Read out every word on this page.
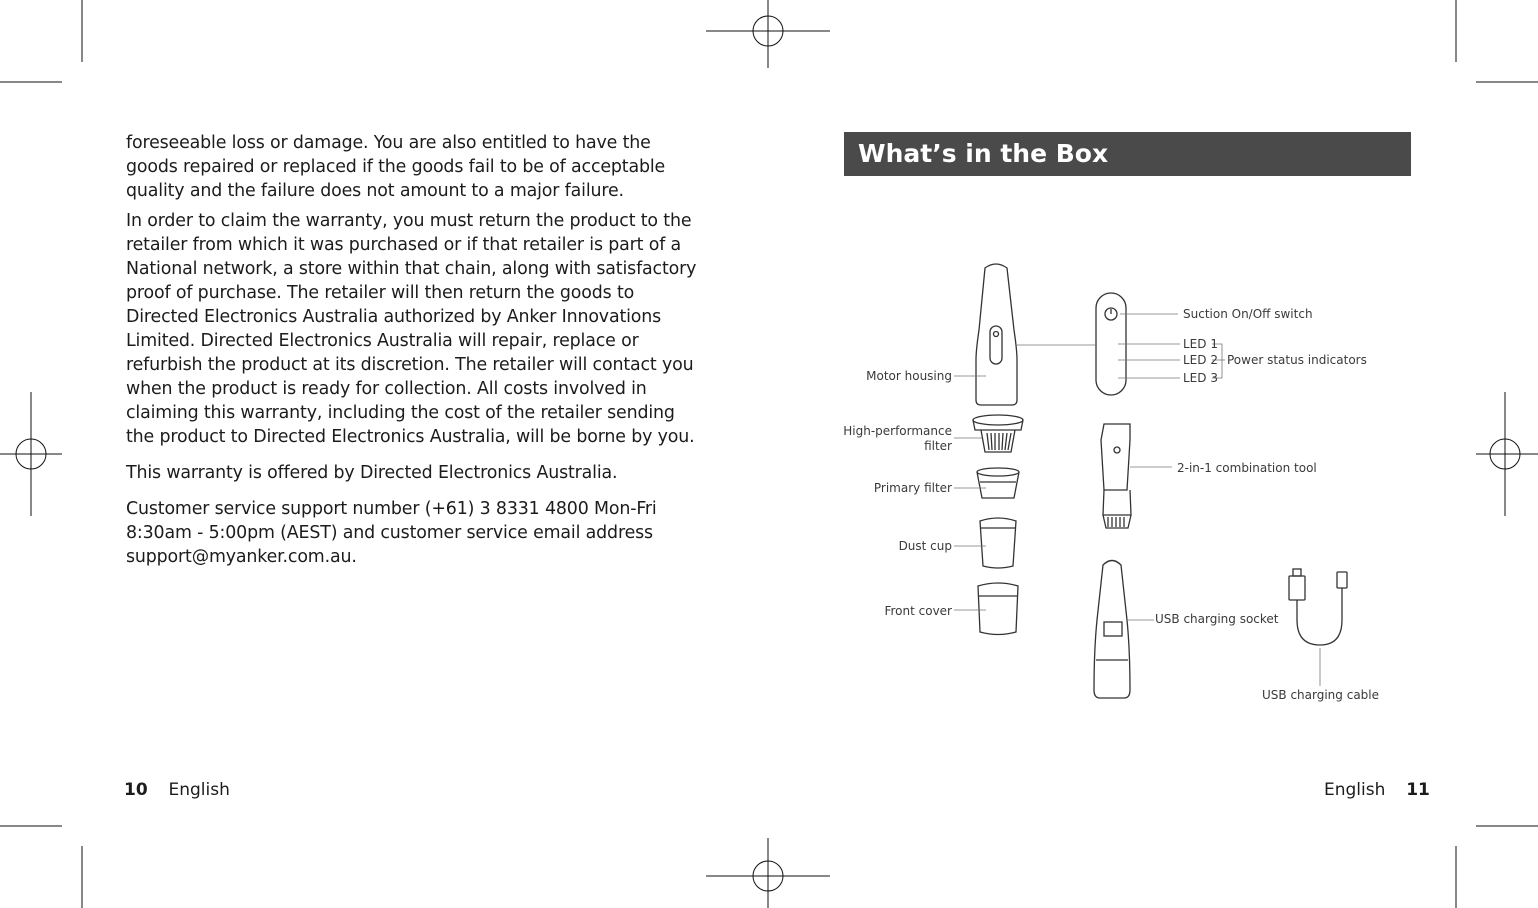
foreseeable loss or damage. You are also entitled to have the goods repaired or replaced if the goods fail to be of acceptable quality and the failure does not amount to a major failure.

In order to claim the warranty, you must return the product to the retailer from which it was purchased or if that retailer is part of a National network, a store within that chain, along with satisfactory proof of purchase. The retailer will then return the goods to Directed Electronics Australia authorized by Anker Innovations Limited. Directed Electronics Australia will repair, replace or refurbish the product at its discretion. The retailer will contact you when the product is ready for collection. All costs involved in claiming this warranty, including the cost of the retailer sending the product to Directed Electronics Australia, will be borne by you.

This warranty is offered by Directed Electronics Australia.

Customer service support number (+61) 3 8331 4800 Mon-Fri 8:30am - 5:00pm (AEST) and customer service email address support@myanker.com.au.

10 English	English 11
What’s in the Box
Motor housing
High-performance
filter
Primary filter
Dust cup
Front cover
Suction On/Off switch
LED 1
LED 2
LED 3
Power status indicators
2-in-1 combination tool
USB charging socket
USB charging cable
